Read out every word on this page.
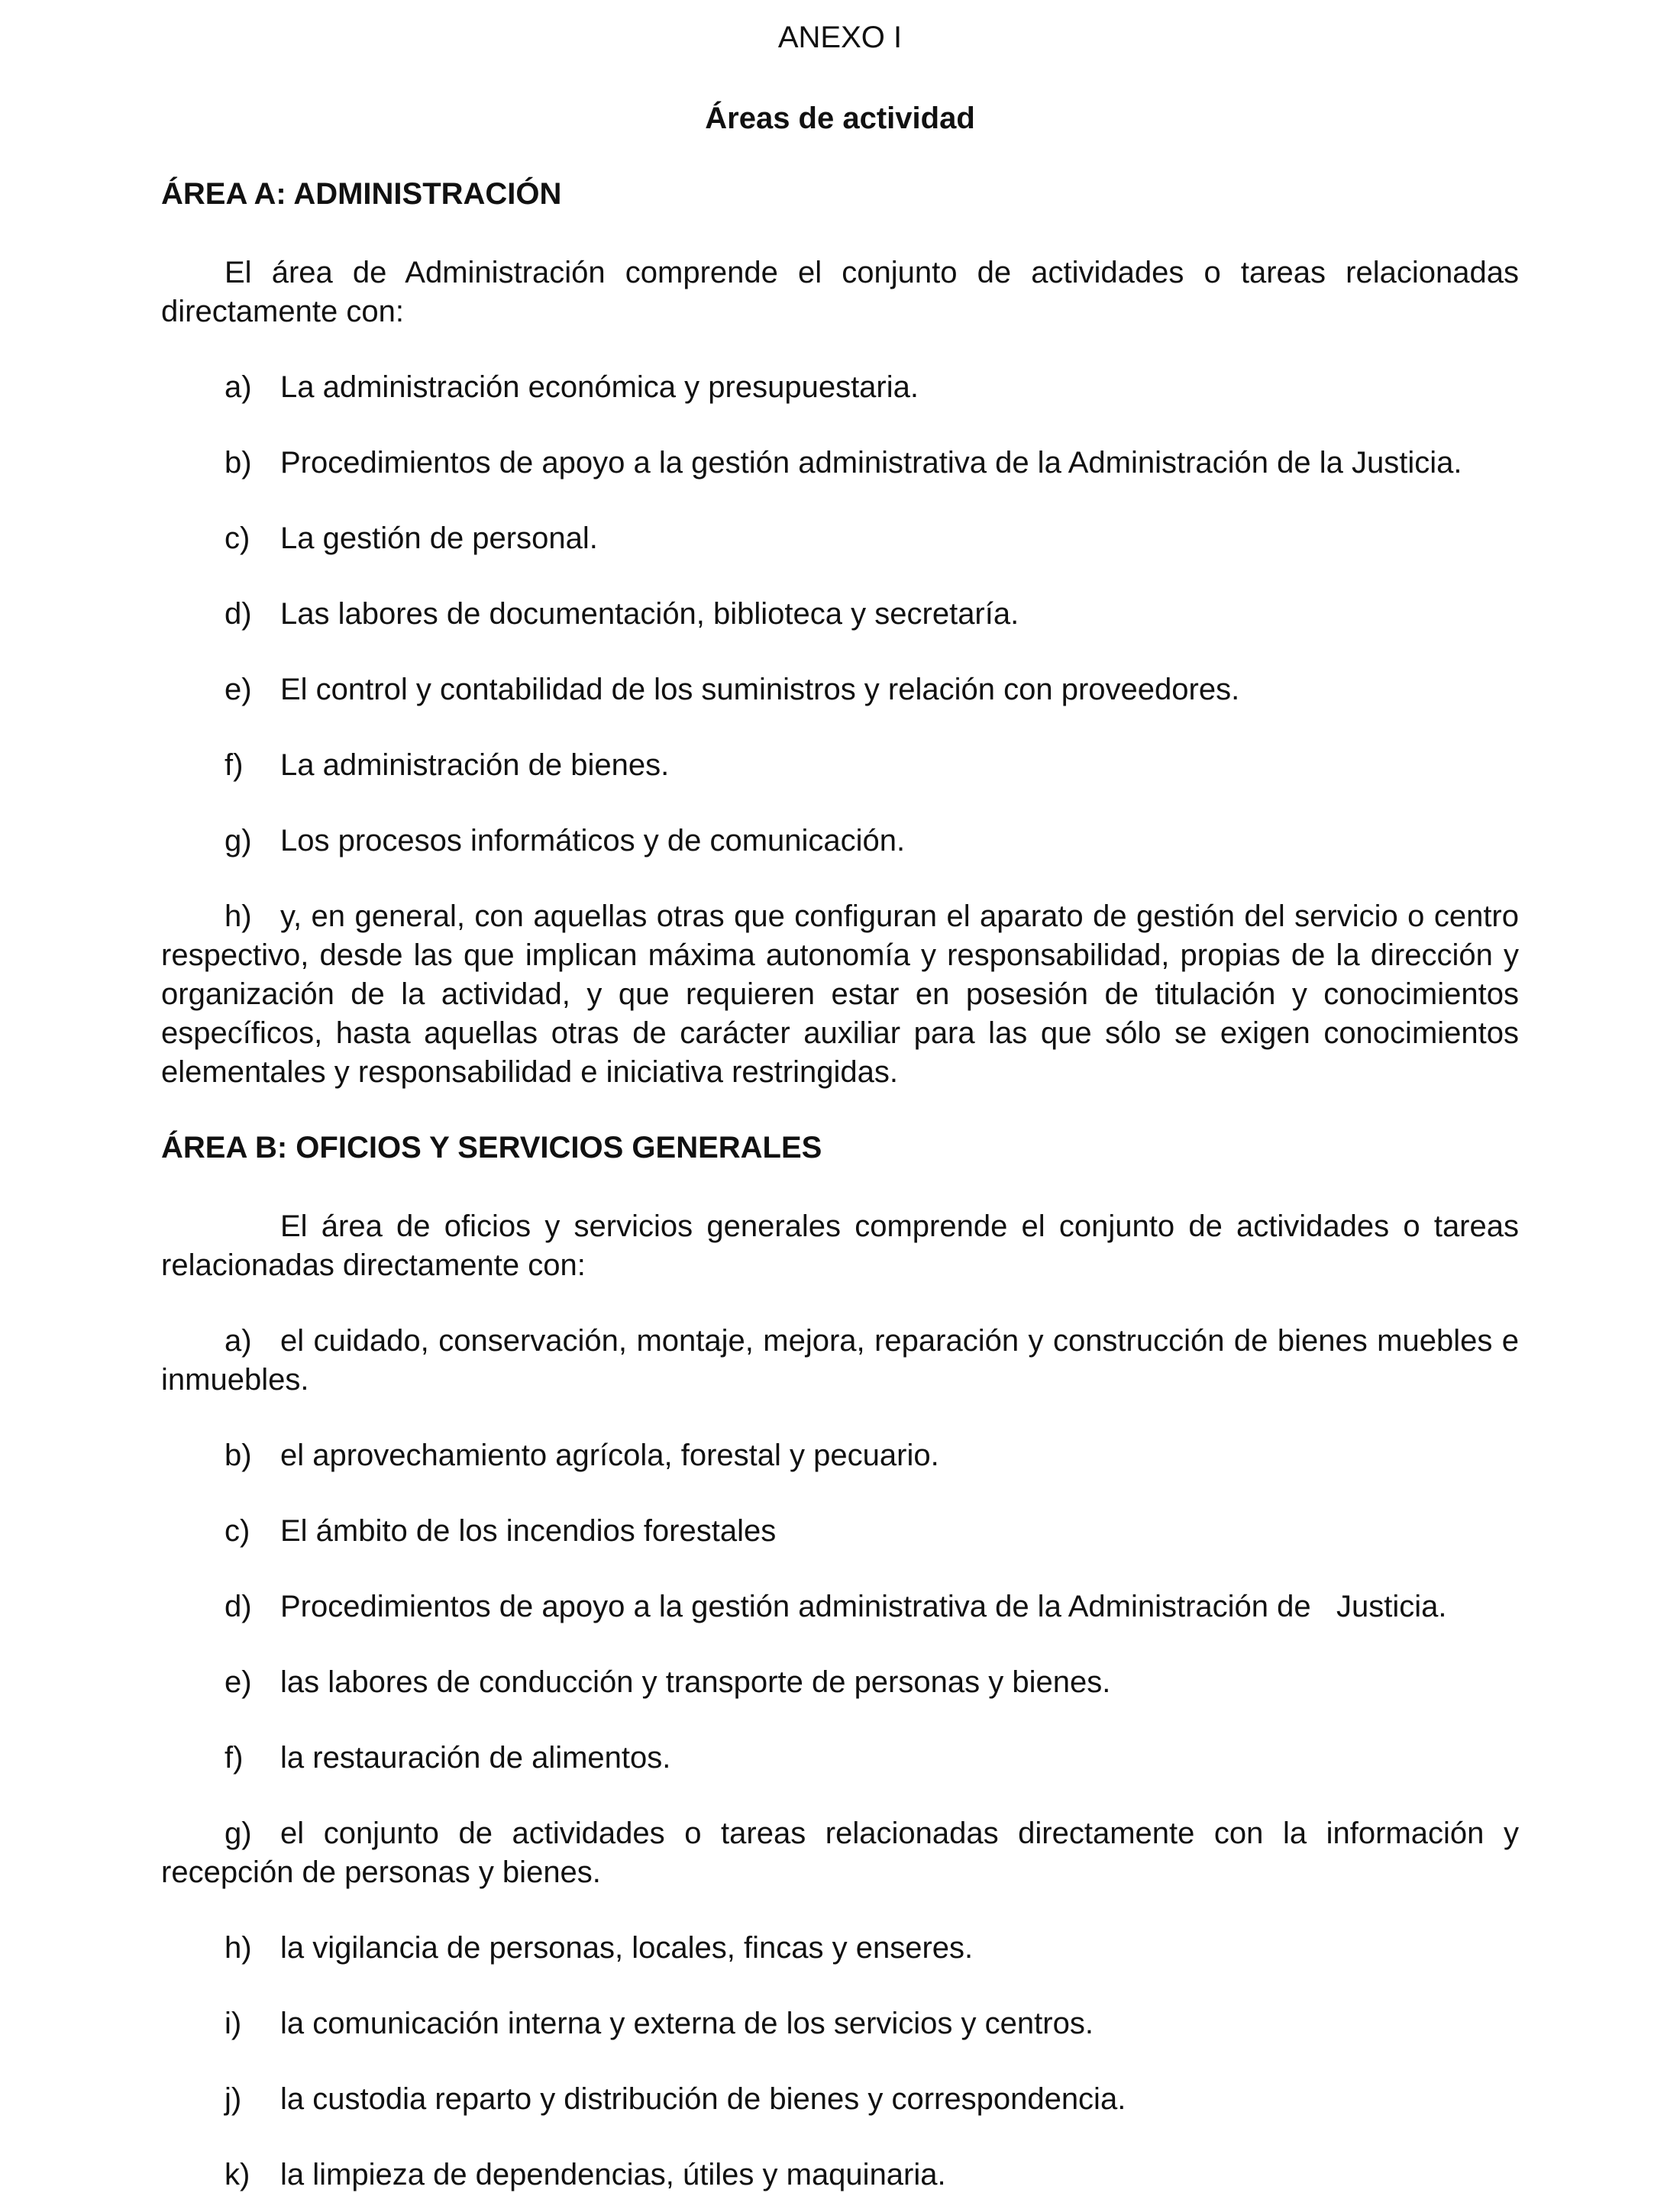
ANEXO I

Áreas de actividad

ÁREA A: ADMINISTRACIÓN

El área de Administración comprende el conjunto de actividades o tareas relacionadas directamente con:

a) La administración económica y presupuestaria.

b) Procedimientos de apoyo a la gestión administrativa de la Administración de la Justicia.

c) La gestión de personal.

d) Las labores de documentación, biblioteca y secretaría.

e) El control y contabilidad de los suministros y relación con proveedores.

f) La administración de bienes.

g) Los procesos informáticos y de comunicación.

h) y, en general, con aquellas otras que configuran el aparato de gestión del servicio o centro respectivo, desde las que implican máxima autonomía y responsabilidad, propias de la dirección y organización de la actividad, y que requieren estar en posesión de titulación y conocimientos específicos, hasta aquellas otras de carácter auxiliar para las que sólo se exigen conocimientos elementales y responsabilidad e iniciativa restringidas.

ÁREA B: OFICIOS Y SERVICIOS GENERALES

El área de oficios y servicios generales comprende el conjunto de actividades o tareas relacionadas directamente con:

a) el cuidado, conservación, montaje, mejora, reparación y construcción de bienes muebles e inmuebles.

b) el aprovechamiento agrícola, forestal y pecuario.

c) El ámbito de los incendios forestales

d) Procedimientos de apoyo a la gestión administrativa de la Administración de   Justicia.

e) las labores de conducción y transporte de personas y bienes.

f) la restauración de alimentos.

g) el conjunto de actividades o tareas relacionadas directamente con la información y recepción de personas y bienes.

h) la vigilancia de personas, locales, fincas y enseres.

i) la comunicación interna y externa de los servicios y centros.

j) la custodia reparto y distribución de bienes y correspondencia.

k) la limpieza de dependencias, útiles y maquinaria.
